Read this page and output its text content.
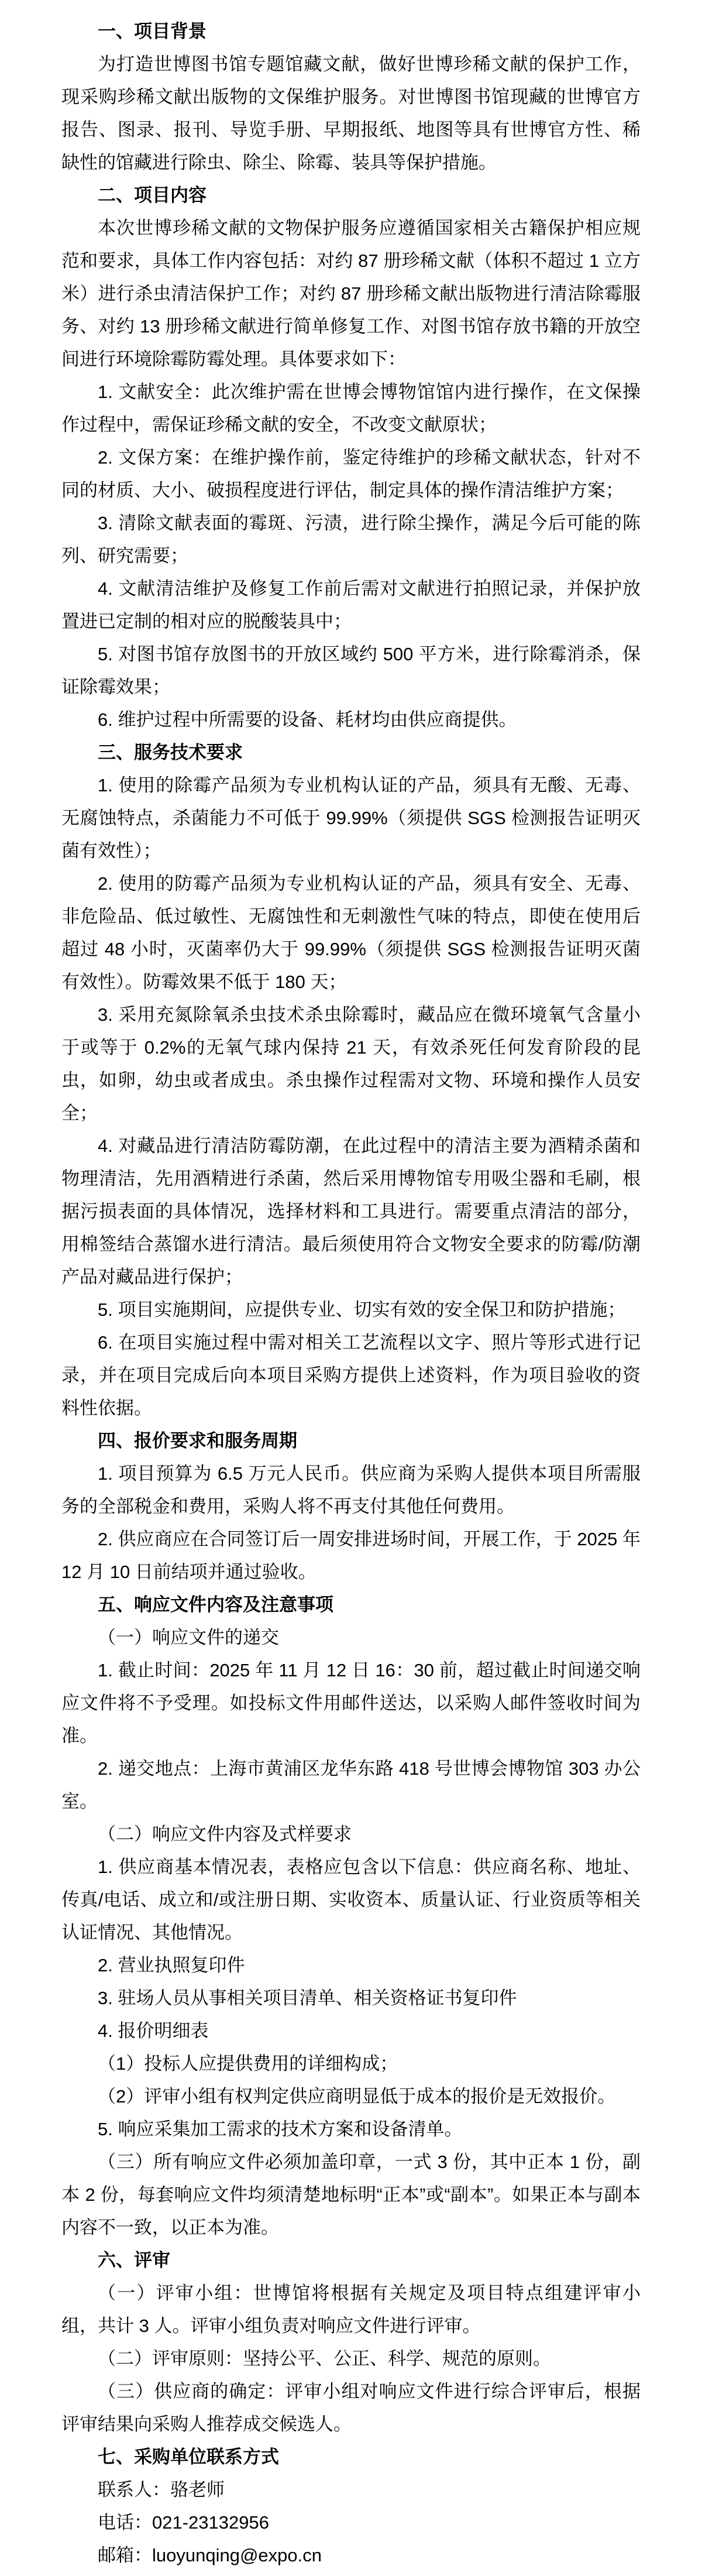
一、项目背景
为打造世博图书馆专题馆藏文献，做好世博珍稀文献的保护工作，现采购珍稀文献出版物的文保维护服务。对世博图书馆现藏的世博官方报告、图录、报刊、导览手册、早期报纸、地图等具有世博官方性、稀缺性的馆藏进行除虫、除尘、除霉、装具等保护措施。
二、项目内容
本次世博珍稀文献的文物保护服务应遵循国家相关古籍保护相应规范和要求，具体工作内容包括：对约 87 册珍稀文献（体积不超过 1 立方米）进行杀虫清洁保护工作；对约 87 册珍稀文献出版物进行清洁除霉服务、对约 13 册珍稀文献进行简单修复工作、对图书馆存放书籍的开放空间进行环境除霉防霉处理。具体要求如下：
1. 文献安全：此次维护需在世博会博物馆馆内进行操作，在文保操作过程中，需保证珍稀文献的安全，不改变文献原状；
2. 文保方案：在维护操作前，鉴定待维护的珍稀文献状态，针对不同的材质、大小、破损程度进行评估，制定具体的操作清洁维护方案；
3. 清除文献表面的霉斑、污渍，进行除尘操作，满足今后可能的陈列、研究需要；
4. 文献清洁维护及修复工作前后需对文献进行拍照记录，并保护放置进已定制的相对应的脱酸装具中；
5. 对图书馆存放图书的开放区域约 500 平方米，进行除霉消杀，保证除霉效果；
6. 维护过程中所需要的设备、耗材均由供应商提供。
三、服务技术要求
1. 使用的除霉产品须为专业机构认证的产品，须具有无酸、无毒、无腐蚀特点，杀菌能力不可低于 99.99%（须提供 SGS 检测报告证明灭菌有效性）；
2. 使用的防霉产品须为专业机构认证的产品，须具有安全、无毒、非危险品、低过敏性、无腐蚀性和无刺激性气味的特点，即使在使用后超过 48 小时，灭菌率仍大于 99.99%（须提供 SGS 检测报告证明灭菌有效性）。防霉效果不低于 180 天；
3. 采用充氮除氧杀虫技术杀虫除霉时，藏品应在微环境氧气含量小于或等于 0.2%的无氧气球内保持 21 天，有效杀死任何发育阶段的昆虫，如卵，幼虫或者成虫。杀虫操作过程需对文物、环境和操作人员安全；
4. 对藏品进行清洁防霉防潮，在此过程中的清洁主要为酒精杀菌和物理清洁，先用酒精进行杀菌，然后采用博物馆专用吸尘器和毛刷，根据污损表面的具体情况，选择材料和工具进行。需要重点清洁的部分，用棉签结合蒸馏水进行清洁。最后须使用符合文物安全要求的防霉/防潮产品对藏品进行保护；
5. 项目实施期间，应提供专业、切实有效的安全保卫和防护措施；
6. 在项目实施过程中需对相关工艺流程以文字、照片等形式进行记录，并在项目完成后向本项目采购方提供上述资料，作为项目验收的资料性依据。
四、报价要求和服务周期
1. 项目预算为 6.5 万元人民币。供应商为采购人提供本项目所需服务的全部税金和费用，采购人将不再支付其他任何费用。
2. 供应商应在合同签订后一周安排进场时间，开展工作，于 2025 年 12 月 10 日前结项并通过验收。
五、响应文件内容及注意事项
（一）响应文件的递交
1. 截止时间：2025 年 11 月 12 日 16：30 前，超过截止时间递交响应文件将不予受理。如投标文件用邮件送达，以采购人邮件签收时间为准。
2. 递交地点：上海市黄浦区龙华东路 418 号世博会博物馆 303 办公室。
（二）响应文件内容及式样要求
1. 供应商基本情况表，表格应包含以下信息：供应商名称、地址、传真/电话、成立和/或注册日期、实收资本、质量认证、行业资质等相关认证情况、其他情况。
2. 营业执照复印件
3. 驻场人员从事相关项目清单、相关资格证书复印件
4. 报价明细表
（1）投标人应提供费用的详细构成；
（2）评审小组有权判定供应商明显低于成本的报价是无效报价。
5. 响应采集加工需求的技术方案和设备清单。
（三）所有响应文件必须加盖印章，一式 3 份，其中正本 1 份，副本 2 份，每套响应文件均须清楚地标明“正本”或“副本”。如果正本与副本内容不一致，以正本为准。
六、评审
（一）评审小组：世博馆将根据有关规定及项目特点组建评审小组，共计 3 人。评审小组负责对响应文件进行评审。
（二）评审原则：坚持公平、公正、科学、规范的原则。
（三）供应商的确定：评审小组对响应文件进行综合评审后，根据评审结果向采购人推荐成交候选人。
七、采购单位联系方式
联系人：骆老师
电话：021-23132956
邮箱：luoyunqing@expo.cn
